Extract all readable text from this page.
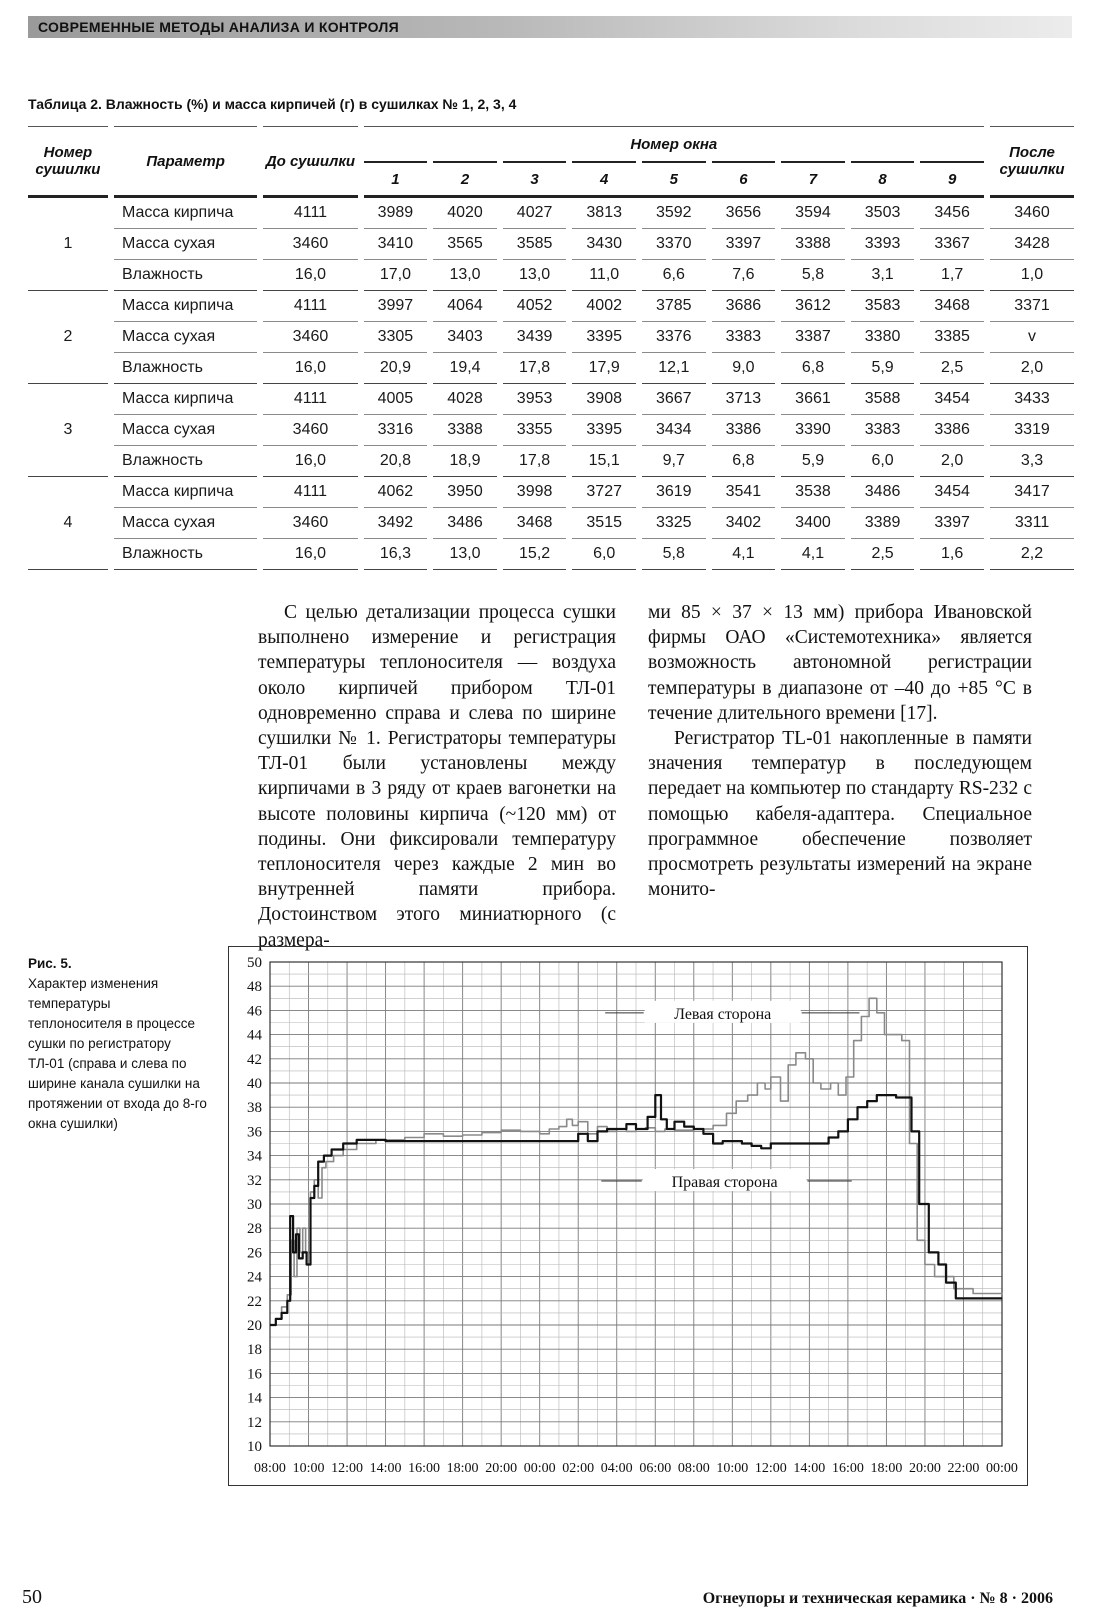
СОВРЕМЕННЫЕ МЕТОДЫ АНАЛИЗА И КОНТРОЛЯ
Таблица 2. Влажность (%) и масса кирпичей (г) в сушилках № 1, 2, 3, 4
Номер сушилки		Параметр		До сушилки		Номер окна																		После сушилки
						1		2		3		4		5		6		7		8		9		
1		Масса кирпича		4111		3989		4020		4027		3813		3592		3656		3594		3503		3456		3460
		Масса сухая		3460		3410		3565		3585		3430		3370		3397		3388		3393		3367		3428
		Влажность		16,0		17,0		13,0		13,0		11,0		6,6		7,6		5,8		3,1		1,7		1,0
2		Масса кирпича		4111		3997		4064		4052		4002		3785		3686		3612		3583		3468		3371
		Масса сухая		3460		3305		3403		3439		3395		3376		3383		3387		3380		3385		v
		Влажность		16,0		20,9		19,4		17,8		17,9		12,1		9,0		6,8		5,9		2,5		2,0
3		Масса кирпича		4111		4005		4028		3953		3908		3667		3713		3661		3588		3454		3433
		Масса сухая		3460		3316		3388		3355		3395		3434		3386		3390		3383		3386		3319
		Влажность		16,0		20,8		18,9		17,8		15,1		9,7		6,8		5,9		6,0		2,0		3,3
4		Масса кирпича		4111		4062		3950		3998		3727		3619		3541		3538		3486		3454		3417
		Масса сухая		3460		3492		3486		3468		3515		3325		3402		3400		3389		3397		3311
		Влажность		16,0		16,3		13,0		15,2		6,0		5,8		4,1		4,1		2,5		1,6		2,2

С целью детализации процесса сушки выполнено измерение и регистрация температуры теплоносителя — воздуха около кирпичей прибором ТЛ-01 одновременно справа и слева по ширине сушилки № 1. Регистраторы температуры ТЛ-01 были установлены между кирпичами в 3 ряду от краев вагонетки на высоте половины кирпича (~120 мм) от подины. Они фиксировали температуру теплоносителя через каждые 2 мин во внутренней памяти прибора. Достоинством этого миниатюрного (с размера-

ми 85 × 37 × 13 мм) прибора Ивановской фирмы ОАО «Системотехника» является возможность автономной регистрации температуры в диапазоне от –40 до +85 °С в течение длительного времени [17].

Регистратор TL-01 накопленные в памяти значения температур в последующем передает на компьютер по стандарту RS-232 с помощью кабеля-адаптера. Специальное программное обеспечение позволяет просмотреть результаты измерений на экране монито-

Рис. 5.
Характер изменения температуры теплоносителя в процессе сушки по регистратору ТЛ-01 (справа и слева по ширине канала сушилки на протяжении от входа до 8-го окна сушилки)
50
48
46
44
42
40
38
36
34
32
30
28
26
24
22
20
18
16
14
12
10
08:00 10:00 12:00 14:00 16:00 18:00 20:00 00:00 02:00 04:00 06:00 08:00 10:00 12:00 14:00 16:00 18:00 20:00 22:00 00:00
Левая сторона
Правая сторона
50	Огнеупоры и техническая керамика · № 8 · 2006
